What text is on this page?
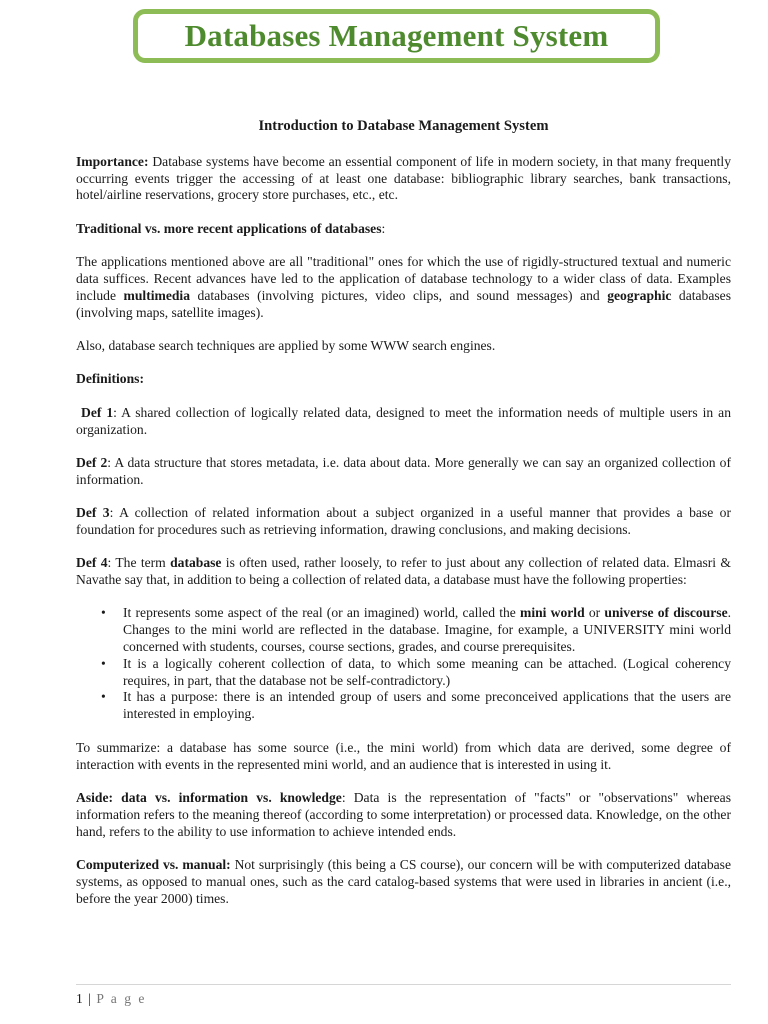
Databases Management System

Introduction to Database Management System

Importance: Database systems have become an essential component of life in modern society, in that many frequently occurring events trigger the accessing of at least one database: bibliographic library searches, bank transactions, hotel/airline reservations, grocery store purchases, etc., etc.

Traditional vs. more recent applications of databases:

The applications mentioned above are all "traditional" ones for which the use of rigidly-structured textual and numeric data suffices. Recent advances have led to the application of database technology to a wider class of data. Examples include multimedia databases (involving pictures, video clips, and sound messages) and geographic databases (involving maps, satellite images).

Also, database search techniques are applied by some WWW search engines.

Definitions:

Def 1: A shared collection of logically related data, designed to meet the information needs of multiple users in an organization.

Def 2: A data structure that stores metadata, i.e. data about data. More generally we can say an organized collection of information.

Def 3: A collection of related information about a subject organized in a useful manner that provides a base or foundation for procedures such as retrieving information, drawing conclusions, and making decisions.

Def 4: The term database is often used, rather loosely, to refer to just about any collection of related data. Elmasri & Navathe say that, in addition to being a collection of related data, a database must have the following properties:

• It represents some aspect of the real (or an imagined) world, called the mini world or universe of discourse. Changes to the mini world are reflected in the database. Imagine, for example, a UNIVERSITY mini world concerned with students, courses, course sections, grades, and course prerequisites.
• It is a logically coherent collection of data, to which some meaning can be attached. (Logical coherency requires, in part, that the database not be self-contradictory.)
• It has a purpose: there is an intended group of users and some preconceived applications that the users are interested in employing.

To summarize: a database has some source (i.e., the mini world) from which data are derived, some degree of interaction with events in the represented mini world, and an audience that is interested in using it.

Aside: data vs. information vs. knowledge: Data is the representation of "facts" or "observations" whereas information refers to the meaning thereof (according to some interpretation) or processed data. Knowledge, on the other hand, refers to the ability to use information to achieve intended ends.

Computerized vs. manual: Not surprisingly (this being a CS course), our concern will be with computerized database systems, as opposed to manual ones, such as the card catalog-based systems that were used in libraries in ancient (i.e., before the year 2000) times.

1 | P a g e
